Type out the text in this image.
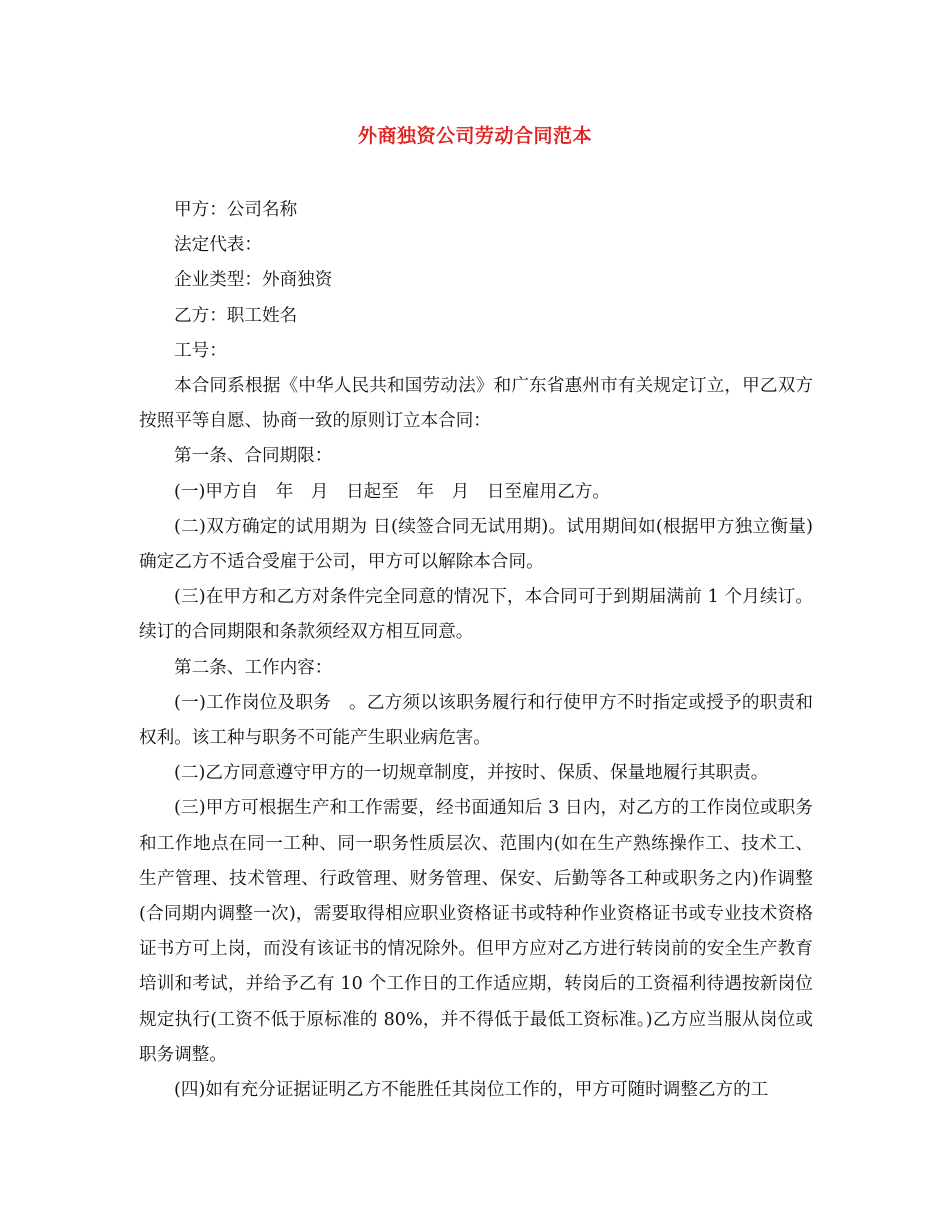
外商独资公司劳动合同范本

甲方：公司名称

法定代表：

企业类型：外商独资

乙方：职工姓名

工号：

本合同系根据《中华人民共和国劳动法》和广东省惠州市有关规定订立，甲乙双方按照平等自愿、协商一致的原则订立本合同：

第一条、合同期限：

(一)甲方自　年　月　日起至　年　月　日至雇用乙方。

(二)双方确定的试用期为 日(续签合同无试用期)。试用期间如(根据甲方独立衡量)确定乙方不适合受雇于公司，甲方可以解除本合同。

(三)在甲方和乙方对条件完全同意的情况下，本合同可于到期届满前 1 个月续订。续订的合同期限和条款须经双方相互同意。

第二条、工作内容：

(一)工作岗位及职务　。乙方须以该职务履行和行使甲方不时指定或授予的职责和权利。该工种与职务不可能产生职业病危害。

(二)乙方同意遵守甲方的一切规章制度，并按时、保质、保量地履行其职责。

(三)甲方可根据生产和工作需要，经书面通知后 3 日内，对乙方的工作岗位或职务和工作地点在同一工种、同一职务性质层次、范围内(如在生产熟练操作工、技术工、生产管理、技术管理、行政管理、财务管理、保安、后勤等各工种或职务之内)作调整(合同期内调整一次)，需要取得相应职业资格证书或特种作业资格证书或专业技术资格证书方可上岗，而没有该证书的情况除外。但甲方应对乙方进行转岗前的安全生产教育培训和考试，并给予乙有 10 个工作日的工作适应期，转岗后的工资福利待遇按新岗位规定执行(工资不低于原标准的 80%，并不得低于最低工资标准。)乙方应当服从岗位或职务调整。

(四)如有充分证据证明乙方不能胜任其岗位工作的，甲方可随时调整乙方的工
